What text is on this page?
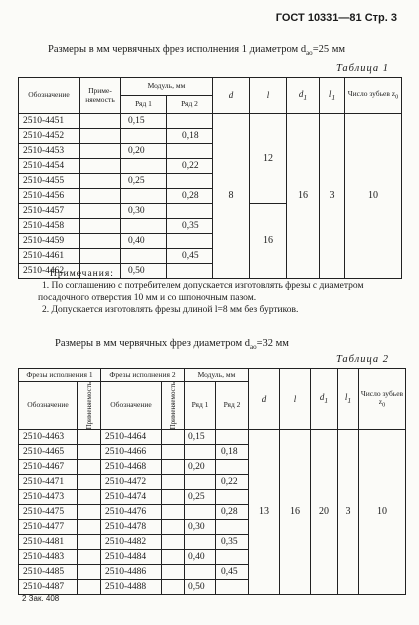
ГОСТ 10331—81 Стр. 3
Размеры в мм червячных фрез исполнения 1 диаметром $d_{ао}=25$ мм
Таблица 1
Обозначение	Применяемость	Модуль, мм		d	l	$d_1$	$l_1$	Число зубьев $z_0$
		Ряд 1	Ряд 2					
2510-4451		0,15		8	12	16	3	10
2510-4452			0,18					
2510-4453		0,20						
2510-4454			0,22					
2510-4455		0,25						
2510-4456			0,28					
2510-4457		0,30			16			
2510-4458			0,35					
2510-4459		0,40						
2510-4461			0,45					
2510-4462		0,50						

Примечания:

1. По соглашению с потребителем допускается изготовлять фрезы с диаметром посадочного отверстия 10 мм и со шпоночным пазом.

2. Допускается изготовлять фрезы длиной l=8 мм без буртиков.

Размеры в мм червячных фрез диаметром $d_{ао}=32$ мм
Таблица 2
Фрезы исполнения 1		Фрезы исполнения 2		Модуль, мм		d	l	$d_1$	$l_1$	Число зубьев $z_0$
Обозначение	Применяемость	Обозначение	Применяемость	Ряд 1	Ряд 2					
2510-4463		2510-4464		0,15		13	16	20	3	10
2510-4465		2510-4466			0,18					
2510-4467		2510-4468		0,20						
2510-4471		2510-4472			0,22					
2510-4473		2510-4474		0,25						
2510-4475		2510-4476			0,28					
2510-4477		2510-4478		0,30						
2510-4481		2510-4482			0,35					
2510-4483		2510-4484		0,40						
2510-4485		2510-4486			0,45					
2510-4487		2510-4488		0,50						
2 Зак. 408
